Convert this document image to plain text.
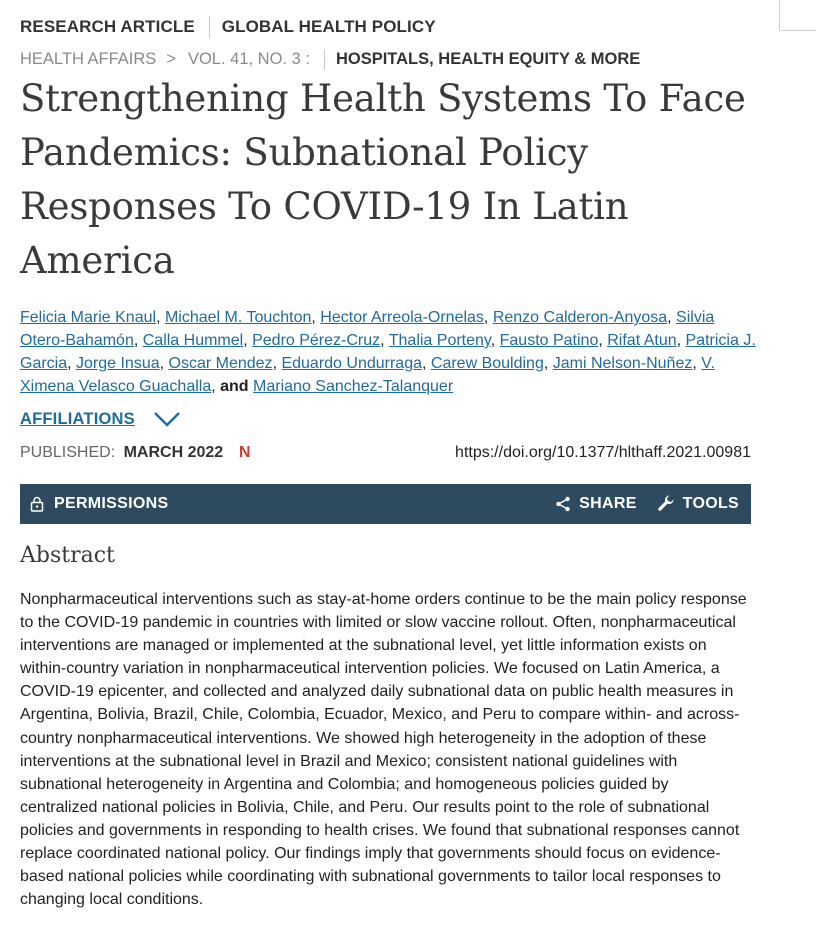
RESEARCH ARTICLE GLOBAL HEALTH POLICY
HEALTH AFFAIRS > VOL. 41, NO. 3 : HOSPITALS, HEALTH EQUITY & MORE
Strengthening Health Systems To Face Pandemics: Subnational Policy Responses To COVID-19 In Latin America
Felicia Marie Knaul, Michael M. Touchton, Hector Arreola-Ornelas, Renzo Calderon-Anyosa, Silvia Otero-Bahamón, Calla Hummel, Pedro Pérez-Cruz, Thalia Porteny, Fausto Patino, Rifat Atun, Patricia J. Garcia, Jorge Insua, Oscar Mendez, Eduardo Undurraga, Carew Boulding, Jami Nelson-Nuñez, V. Ximena Velasco Guachalla, and Mariano Sanchez-Talanquer
AFFILIATIONS
PUBLISHED: MARCH 2022 N	https://doi.org/10.1377/hlthaff.2021.00981
PERMISSIONS	SHARE	TOOLS
Abstract

Nonpharmaceutical interventions such as stay-at-home orders continue to be the main policy response to the COVID-19 pandemic in countries with limited or slow vaccine rollout. Often, nonpharmaceutical interventions are managed or implemented at the subnational level, yet little information exists on within-country variation in nonpharmaceutical intervention policies. We focused on Latin America, a COVID-19 epicenter, and collected and analyzed daily subnational data on public health measures in Argentina, Bolivia, Brazil, Chile, Colombia, Ecuador, Mexico, and Peru to compare within- and across-country nonpharmaceutical interventions. We showed high heterogeneity in the adoption of these interventions at the subnational level in Brazil and Mexico; consistent national guidelines with subnational heterogeneity in Argentina and Colombia; and homogeneous policies guided by centralized national policies in Bolivia, Chile, and Peru. Our results point to the role of subnational policies and governments in responding to health crises. We found that subnational responses cannot replace coordinated national policy. Our findings imply that governments should focus on evidence-based national policies while coordinating with subnational governments to tailor local responses to changing local conditions.
